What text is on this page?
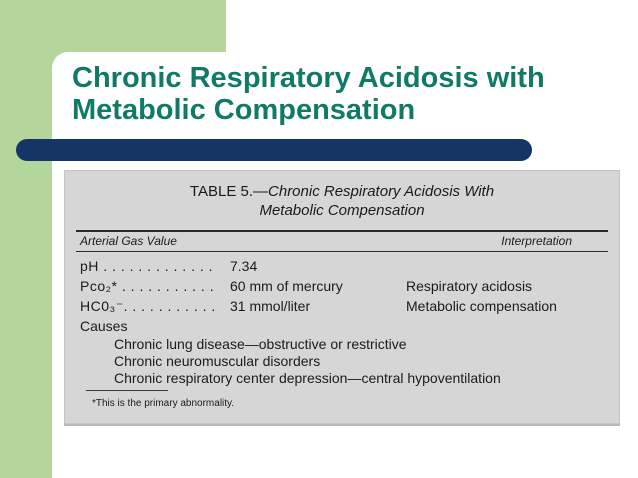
Chronic Respiratory Acidosis with
Metabolic Compensation
TABLE 5.—Chronic Respiratory Acidosis With
Metabolic Compensation
Arterial Gas Value	Interpretation
pH . . . . . . . . . . . . . 7.34
Pco₂* . . . . . . . . . . . 60 mm of mercury	Respiratory acidosis
HC0₃⁻. . . . . . . . . . . 31 mmol/liter	Metabolic compensation
Causes
Chronic lung disease—obstructive or restrictive
Chronic neuromuscular disorders
Chronic respiratory center depression—central hypoventilation
*This is the primary abnormality.
